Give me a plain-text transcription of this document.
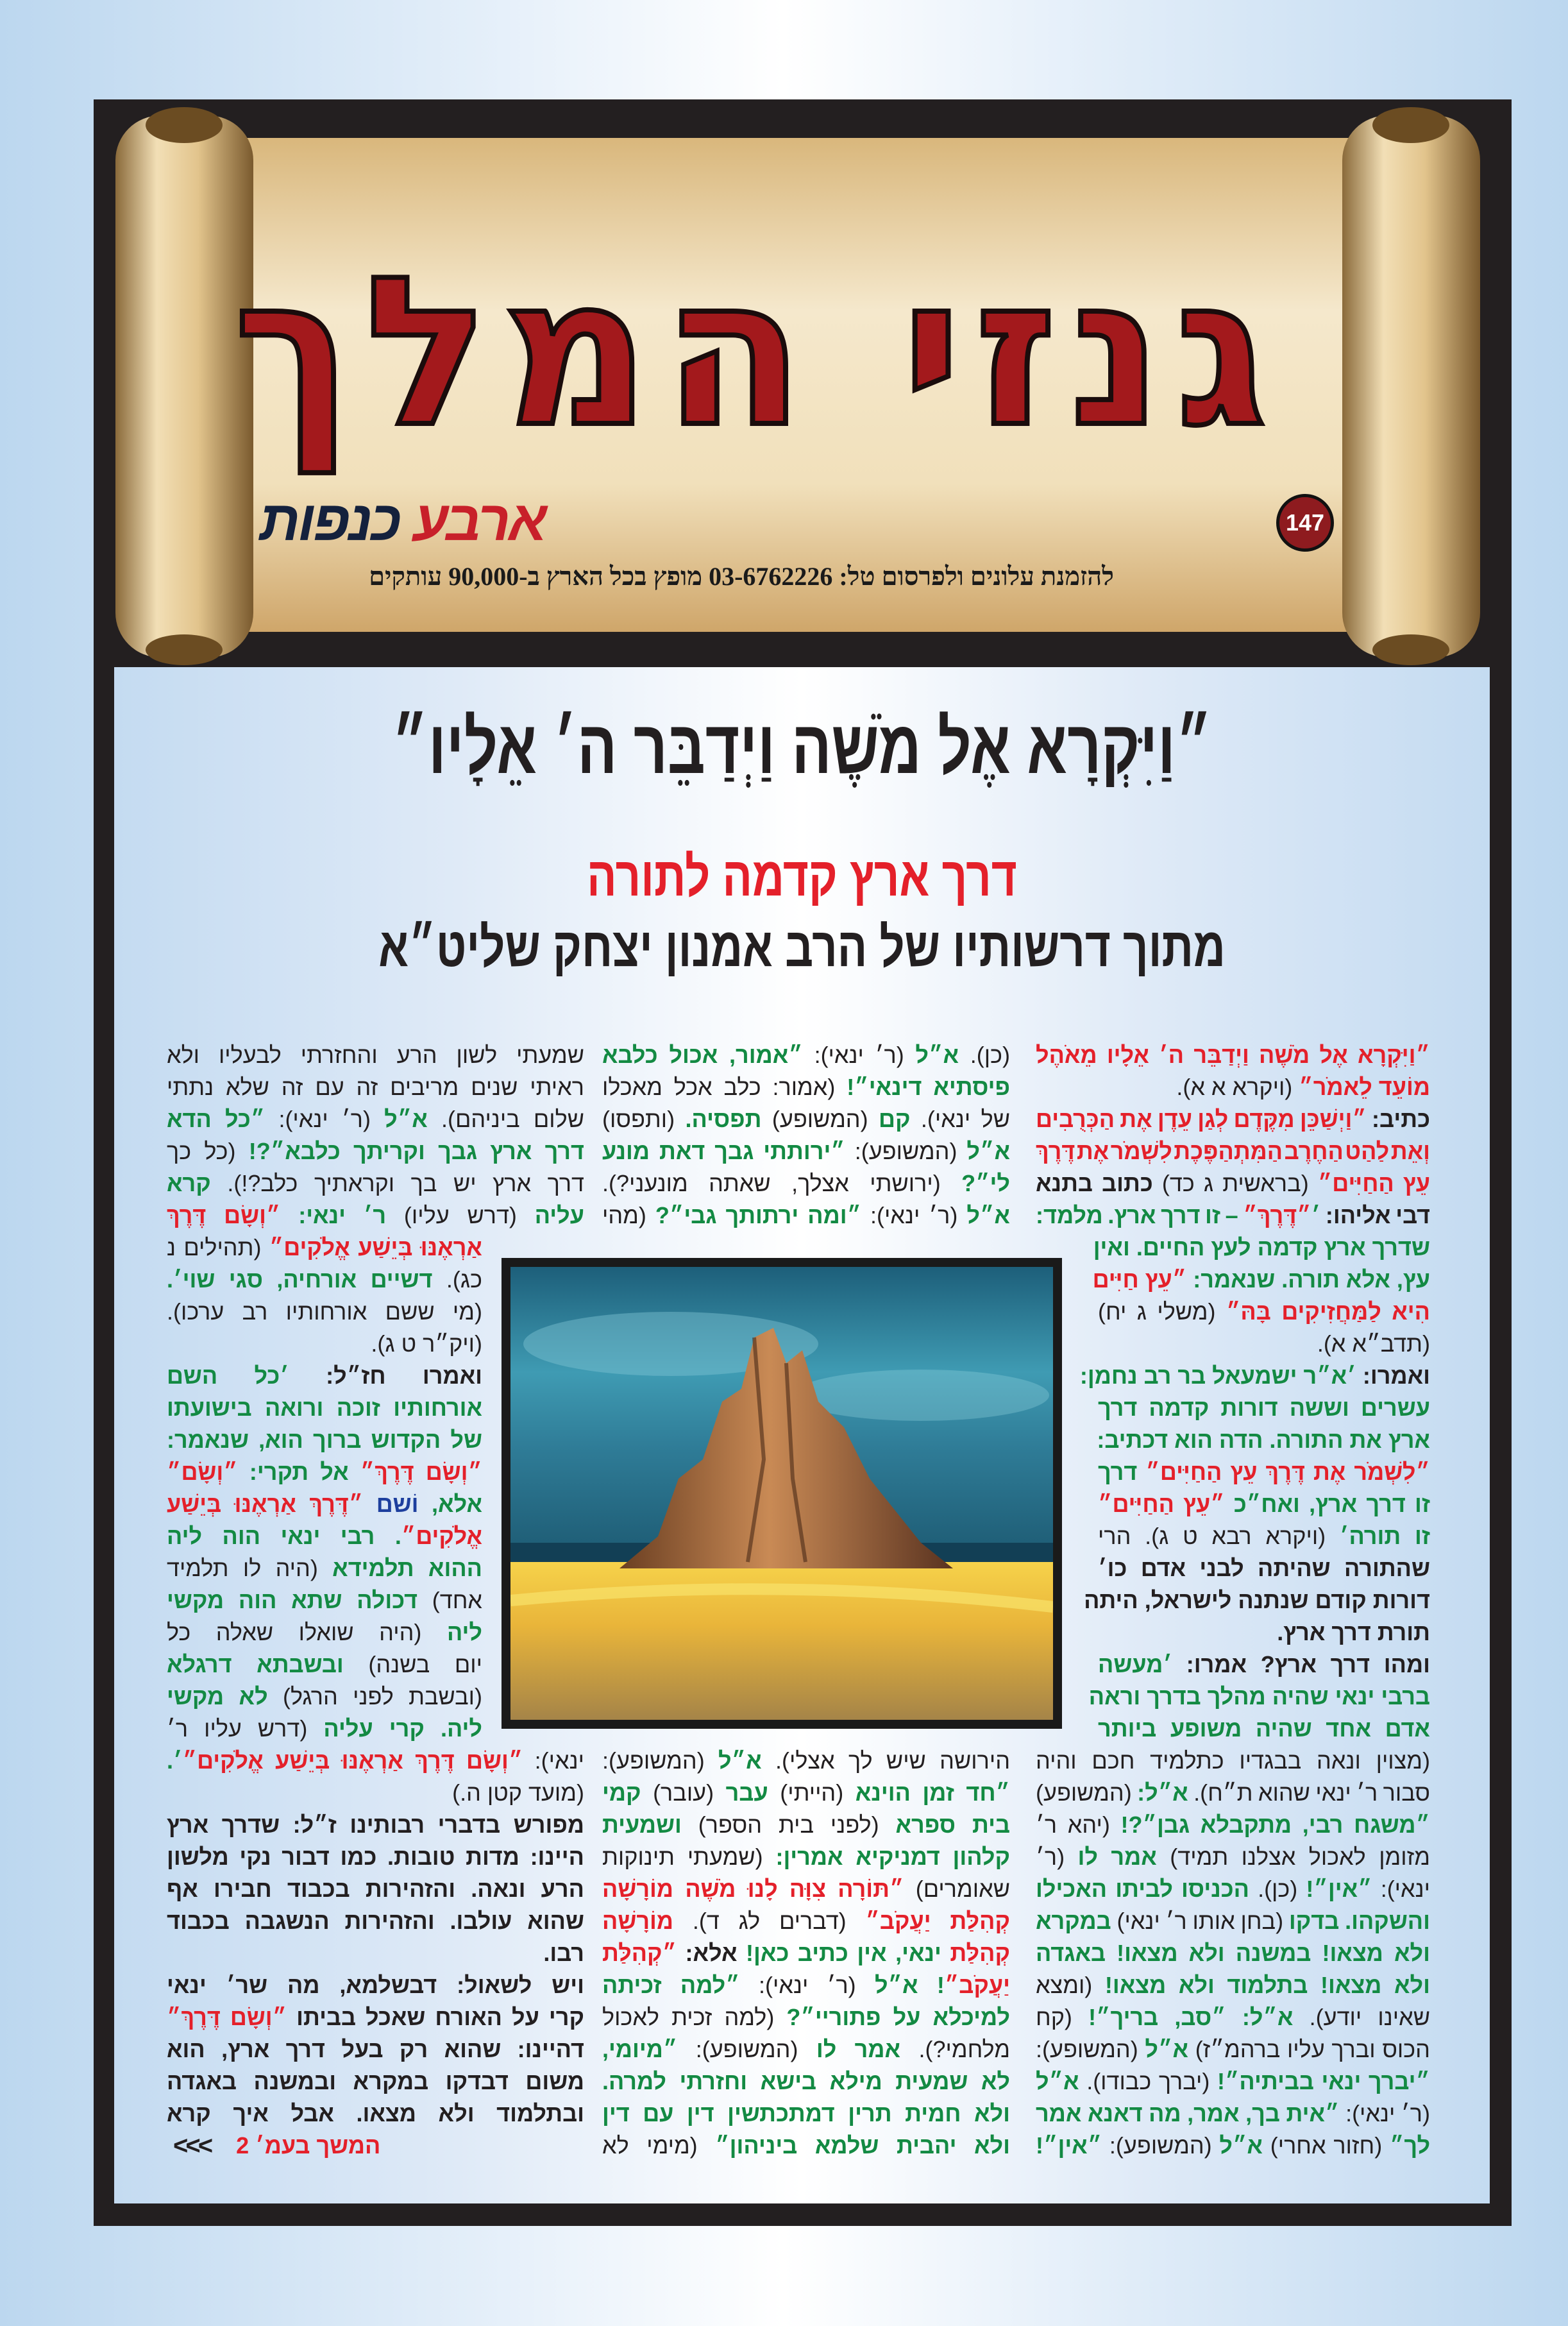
גנזי המלך
ארבע כנפות	147
להזמנת עלונים ולפרסום טל: 03-6762226 מופץ בכל הארץ ב-90,000 עותקים
״וַיִּקְרָא אֶל מֹשֶׁה וַיְדַבֵּר ה׳ אֵלָיו״
דרך ארץ קדמה לתורה
מתוך דרשותיו של הרב אמנון יצחק שליט״א
״וַיִּקְרָא אֶל מֹשֶׁה וַיְדַבֵּר ה׳ אֵלָיו מֵאֹהֶל
מוֹעֵד לֵאמֹר״ (ויקרא א א).
כתיב: ״וַיְשַׁכֵּן מִקֶּדֶם לְגַן עֵדֶן אֶת הַכְּרֻבִים
וְאֵת לַהַט הַחֶרֶב הַמִּתְהַפֶּכֶת לִשְׁמֹר אֶת דֶּרֶךְ
עֵץ הַחַיִּים״ (בראשית ג כד) כתוב בתנא
דבי אליהו: ׳״דֶּרֶךְ״ – זו דרך ארץ. מלמד:
שדרך ארץ קדמה לעץ החיים. ואין
עץ, אלא תורה. שנאמר: ״עֵץ חַיִּים
הִיא לַמַּחֲזִיקִים בָּהּ״ (משלי ג יח)
(תדב״א א).
ואמרו: ׳א״ר ישמעאל בר רב נחמן:
עשרים וששה דורות קדמה דרך
ארץ את התורה. הדה הוא דכתיב:
״לִשְׁמֹר אֶת דֶּרֶךְ עֵץ הַחַיִּים״ דרך
זו דרך ארץ, ואח״כ ״עֵץ הַחַיִּים״
זו תורה׳ (ויקרא רבא ט ג). הרי
שהתורה שהיתה לבני אדם כו׳
דורות קודם שנתנה לישראל, היתה
תורת דרך ארץ.
ומהו דרך ארץ? אמרו: ׳מעשה
ברבי ינאי שהיה מהלך בדרך וראה
אדם אחד שהיה משופע ביותר
(מצוין ונאה בבגדיו כתלמיד חכם והיה
סבור ר׳ ינאי שהוא ת״ח). א״ל: (המשופע)
״משגח רבי, מתקבלא גבן״?! (יהא ר׳
מזומן לאכול אצלנו תמיד) אמר לו (ר׳
ינאי): ״אין״! (כן). הכניסו לביתו האכילו
והשקהו. בדקו (בחן אותו ר׳ ינאי) במקרא
ולא מצאו! במשנה ולא מצאו! באגדה
ולא מצאו! בתלמוד ולא מצאו! (ומצא
שאינו יודע). א״ל: ״סב, בריך״! (קח
הכוס וברך עליו ברהמ״ז) א״ל (המשופע):
״יברך ינאי בביתיה״! (יברך כבודו). א״ל
(ר׳ ינאי): ״אית בך, אמר, מה דאנא אמר
לך״ (חזור אחרי) א״ל (המשופע): ״אין״!
(כן). א״ל (ר׳ ינאי): ״אמור, אכול כלבא
פיסתיא דינאי״! (אמור: כלב אכל מאכלו
של ינאי). קם (המשופע) תפסיה. (ותפסו)
א״ל (המשופע): ״ירותתי גבך דאת מונע
לי״? (ירושתי אצלך, שאתה מונעני?).
א״ל (ר׳ ינאי): ״ומה ירתותך גבי״? (מהי
הירושה שיש לך אצלי). א״ל (המשופע):
״חד זמן הוינא (הייתי) עבר (עובר) קמי
בית ספרא (לפני בית הספר) ושמעית
קלהון דמניקיא אמרין: (שמעתי תינוקות
שאומרים) ״תּוֹרָה צִוָּה לָנוּ מֹשֶׁה מוֹרָשָׁה
קְהִלַּת יַעֲקֹב״ (דברים לג ד). מוֹרָשָׁה
קְהִלַּת ינאי, אין כתיב כאן! אלא: ״קְהִלַּת
יַעֲקֹב״! א״ל (ר׳ ינאי): ״למה זכיתה
למיכלא על פתוריי״? (למה זכית לאכול
מלחמי?). אמר לו (המשופע): ״מיומי,
לא שמעית מילא בישא וחזרתי למרה.
ולא חמית תרין דמתכתשין דין עם דין
ולא יהבית שלמא ביניהון״ (מימי לא
שמעתי לשון הרע והחזרתי לבעליו ולא
ראיתי שנים מריבים זה עם זה שלא נתתי
שלום ביניהם). א״ל (ר׳ ינאי): ״כל הדא
דרך ארץ גבך וקריתך כלבא״?! (כל כך
דרך ארץ יש בך וקראתיך כלב?!). קרא
עליה (דרש עליו) ר׳ ינאי: ״וְשָׂם דֶּרֶךְ
אַרְאֶנּוּ בְּיֵשַׁע אֱלֹקִים״ (תהילים נ
כג). דשיים אורחיה, סגי שוי׳.
(מי ששם אורחותיו רב ערכו).
(ויק״ר ט ג).
ואמרו חז״ל: ׳כל השם
אורחותיו זוכה ורואה בישועתו
של הקדוש ברוך הוא, שנאמר:
״וְשָׂם דֶּרֶךְ״ אל תקרי: ״וְשָׂם״
אלא, וֹשם ״דֶּרֶךְ אַרְאֶנּוּ בְּיֵשַׁע
אֱלֹקִים״. רבי ינאי הוה ליה
ההוא תלמידא (היה לו תלמיד
אחד) דכולה שתא הוה מקשי
ליה (היה שואלו שאלה כל
יום בשנה) ובשבתא דרגלא
(ובשבת לפני הרגל) לא מקשי
ליה. קרי עליה (דרש עליו ר׳
ינאי): ״וְשָׂם דֶּרֶךְ אַרְאֶנּוּ בְּיֵשַׁע אֱלֹקִים״׳.
(מועד קטן ה.)
מפורש בדברי רבותינו ז״ל: שדרך ארץ
היינו: מדות טובות. כמו דבור נקי מלשון
הרע ונאה. והזהירות בכבוד חבירו אף
שהוא עולבו. והזהירות הנשגבה בכבוד
רבו.
ויש לשאול: דבשלמא, מה שר׳ ינאי
קרי על האורח שאכל בביתו ״וְשָׂם דֶּרֶךְ״
דהיינו: שהוא רק בעל דרך ארץ, הוא
משום דבדקו במקרא ובמשנה באגדה
ובתלמוד ולא מצאו. אבל איך קרא
המשך בעמ׳ 2
<<<
